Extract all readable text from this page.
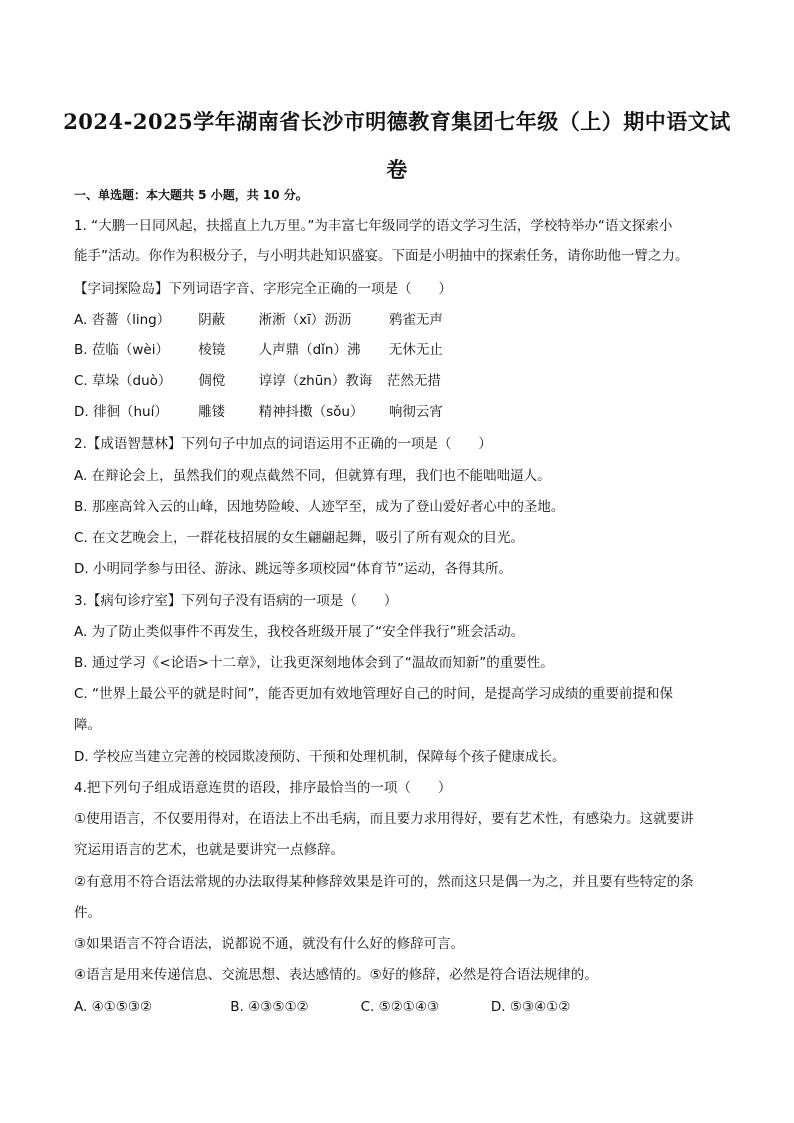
2024-2025学年湖南省长沙市明德教育集团七年级（上）期中语文试
卷
一、单选题：本大题共 5 小题，共 10 分。
1. “大鹏一日同风起，扶摇直上九万里。”为丰富七年级同学的语文学习生活，学校特举办“语文探索小
能手”活动。你作为积极分子，与小明共赴知识盛宴。下面是小明抽中的探索任务，请你助他一臂之力。
【字词探险岛】下列词语字音、字形完全正确的一项是（　　）
A. 沓薔（ling） 阴蔽 淅淅（xī）沥沥	鸦雀无声
B. 莅临（wèi） 棱镜 人声鼎（dǐn）沸 无休无止
C. 草垛（duò） 倜傥 谆谆（zhūn）教诲 茫然无措
D. 徘徊（huí） 雕镂 精神抖擞（sǒu） 响彻云宵
2.【成语智慧林】下列句子中加点的词语运用不正确的一项是（　　）
A. 在辩论会上，虽然我们的观点截然不同，但就算有理，我们也不能咄咄逼人。
B. 那座高耸入云的山峰，因地势险峻、人迹罕至，成为了登山爱好者心中的圣地。
C. 在文艺晚会上，一群花枝招展的女生翩翩起舞，吸引了所有观众的目光。
D. 小明同学参与田径、游泳、跳远等多项校园“体育节”运动，各得其所。
3.【病句诊疗室】下列句子没有语病的一项是（　　）
A. 为了防止类似事件不再发生，我校各班级开展了“安全伴我行”班会活动。
B. 通过学习《<论语>十二章》，让我更深刻地体会到了“温故而知新”的重要性。
C. “世界上最公平的就是时间”，能否更加有效地管理好自己的时间，是提高学习成绩的重要前提和保
障。
D. 学校应当建立完善的校园欺凌预防、干预和处理机制，保障每个孩子健康成长。
4.把下列句子组成语意连贯的语段，排序最恰当的一项（　　）
①使用语言，不仅要用得对，在语法上不出毛病，而且要力求用得好，要有艺术性，有感染力。这就要讲
究运用语言的艺术，也就是要讲究一点修辞。
②有意用不符合语法常规的办法取得某种修辞效果是许可的，然而这只是偶一为之，并且要有些特定的条
件。
③如果语言不符合语法，说都说不通，就没有什么好的修辞可言。
④语言是用来传递信息、交流思想、表达感情的。⑤好的修辞，必然是符合语法规律的。
A. ④①⑤③②	B. ④③⑤①②	C. ⑤②①④③	D. ⑤③④①②
